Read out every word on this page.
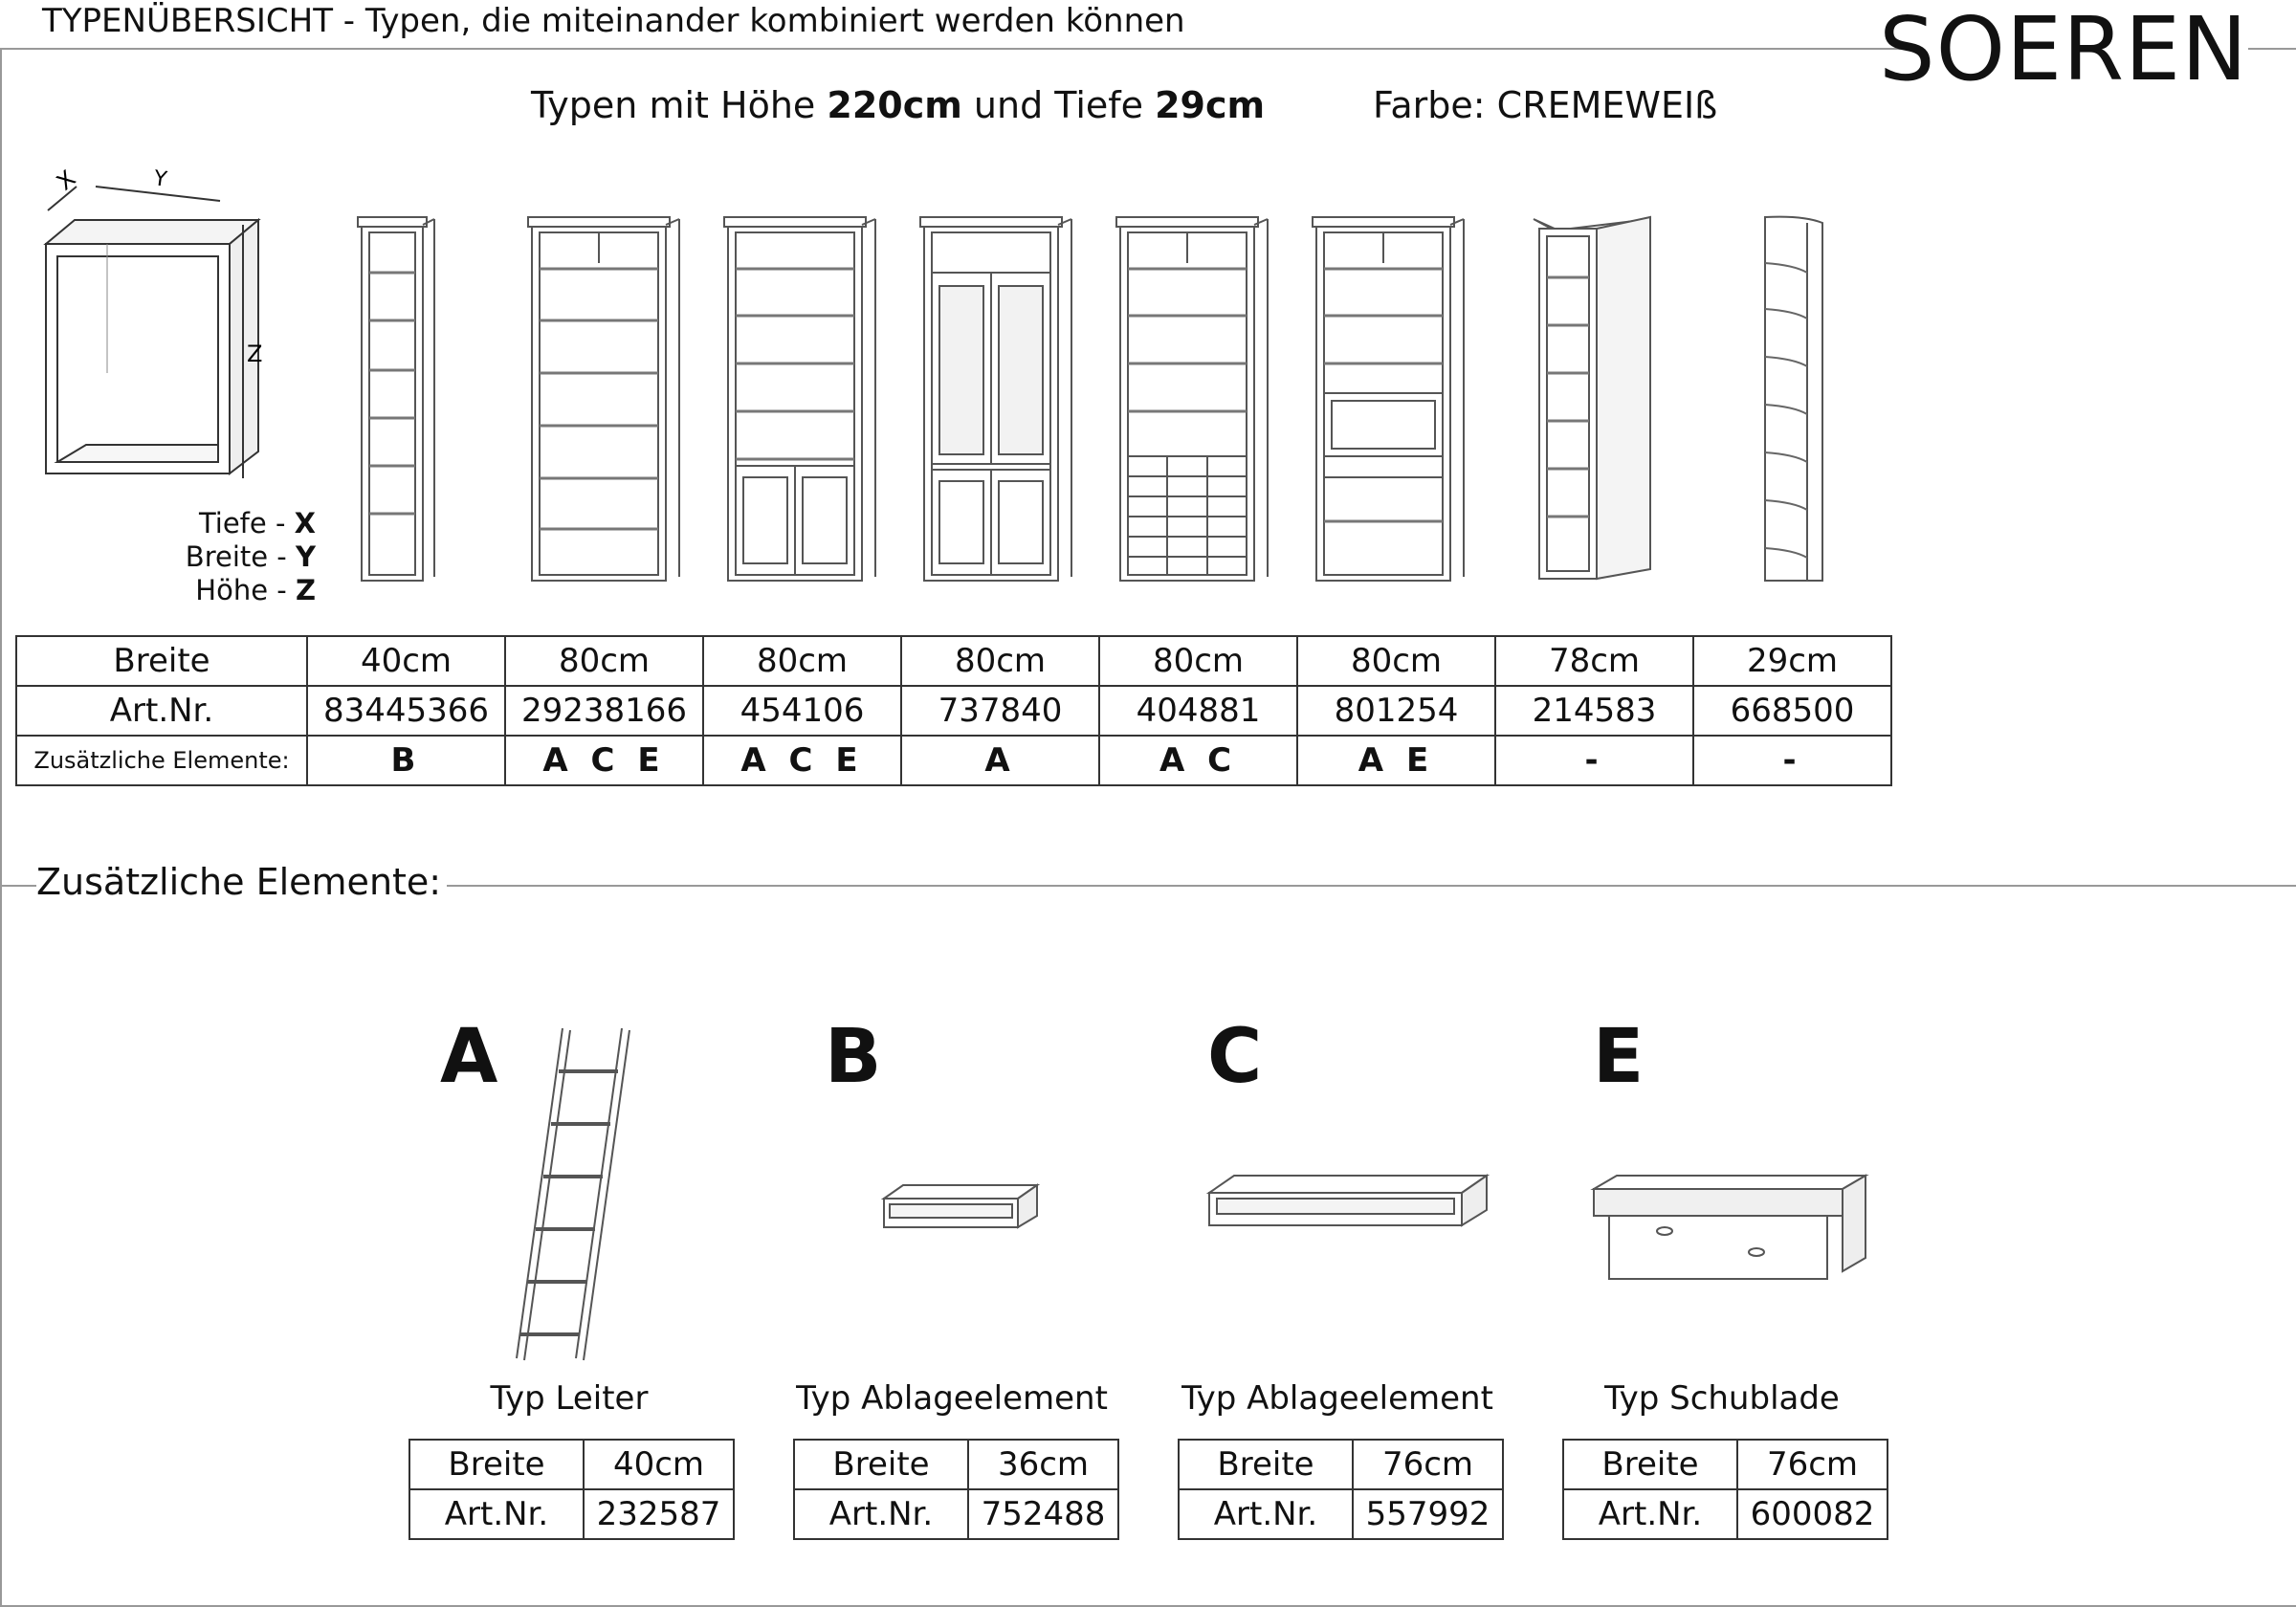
TYPENÜBERSICHT - Typen, die miteinander kombiniert werden können	SOEREN
Typen mit Höhe 220cm und Tiefe 29cm	Farbe: CREMEWEIß
X	Y
Z
Tiefe - X
Breite - Y
Höhe - Z
Breite	40cm	80cm	80cm	80cm	80cm	80cm	78cm	29cm
Art.Nr.	83445366	29238166	454106	737840	404881	801254	214583	668500
Zusätzliche Elemente:	B	A C E	A C E	A	A C	A E	-	-
Zusätzliche Elemente:
A	B	C	E
Typ Leiter	Typ Ablageelement	Typ Ablageelement	Typ Schublade
Breite	40cm
Art.Nr.	232587
Breite	36cm
Art.Nr.	752488
Breite	76cm
Art.Nr.	557992
Breite	76cm
Art.Nr.	600082
